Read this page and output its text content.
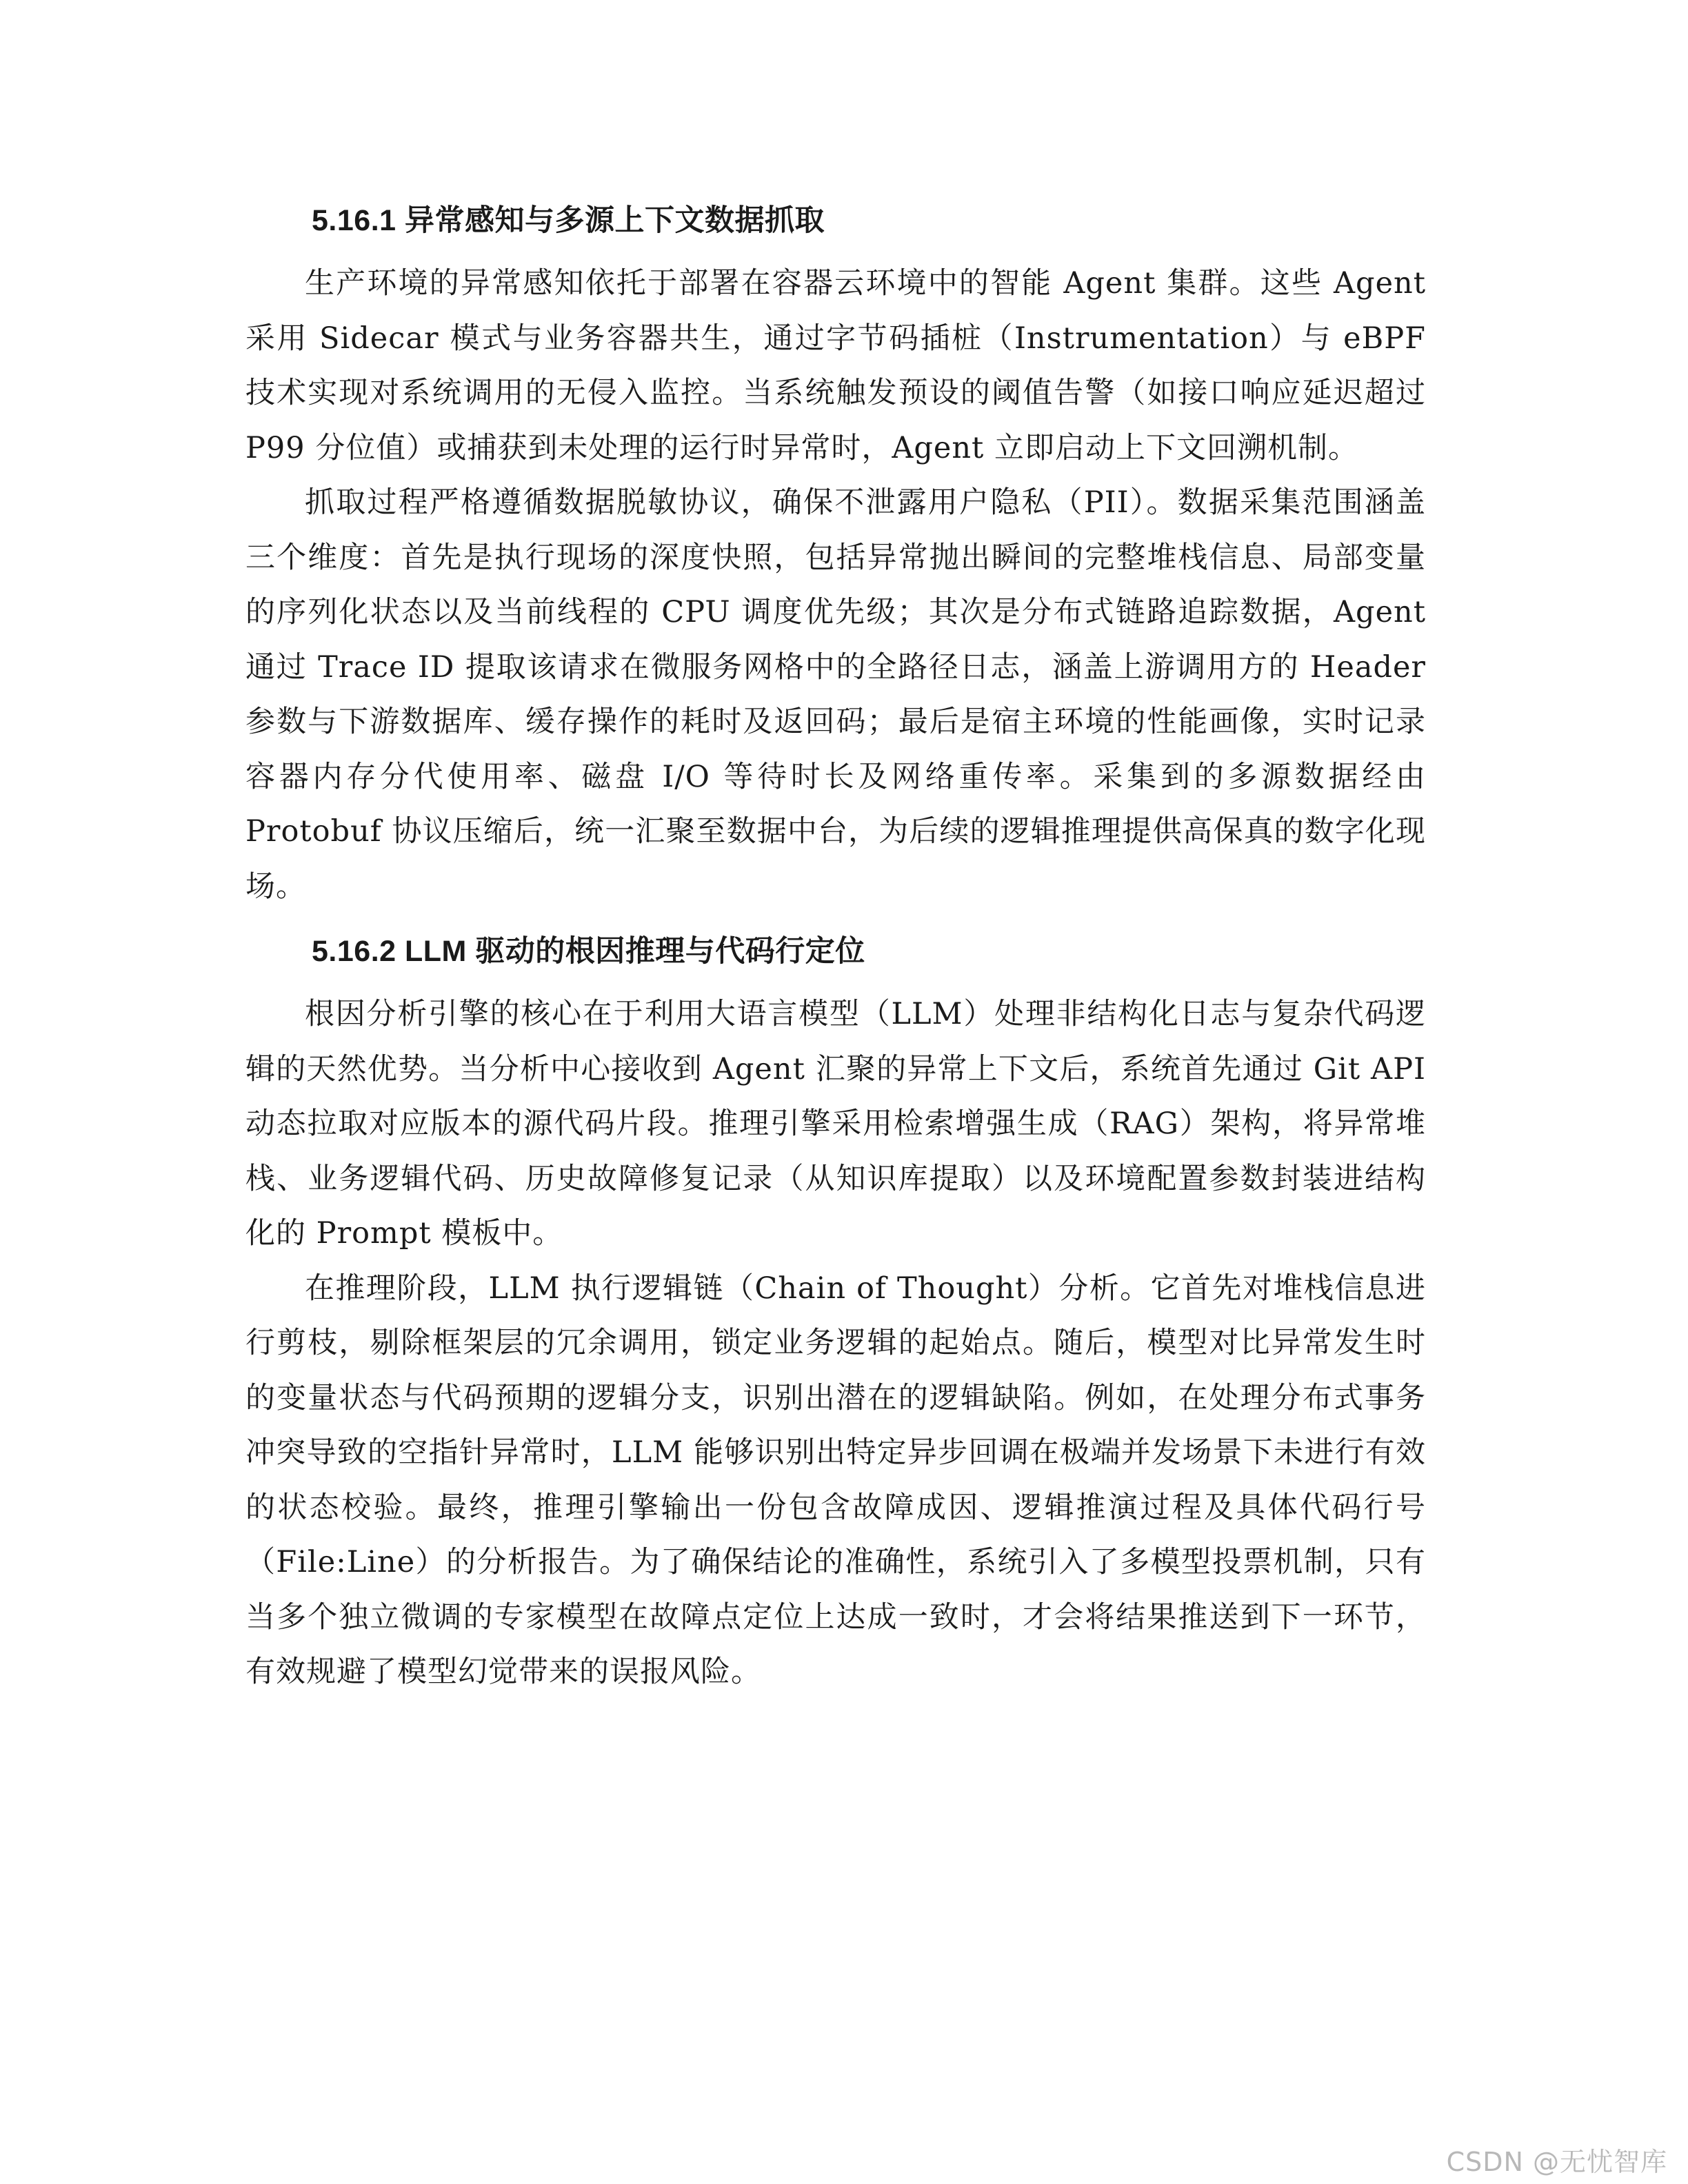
5.16.1 异常感知与多源上下文数据抓取

生产环境的异常感知依托于部署在容器云环境中的智能 Agent 集群。这些 Agent 采用 Sidecar 模式与业务容器共生，通过字节码插桩（Instrumentation）与 eBPF 技术实现对系统调用的无侵入监控。当系统触发预设的阈值告警（如接口响应延迟超过 P99 分位值）或捕获到未处理的运行时异常时，Agent 立即启动上下文回溯机制。

抓取过程严格遵循数据脱敏协议，确保不泄露用户隐私（PII）。数据采集范围涵盖三个维度：首先是执行现场的深度快照，包括异常抛出瞬间的完整堆栈信息、局部变量的序列化状态以及当前线程的 CPU 调度优先级；其次是分布式链路追踪数据，Agent 通过 Trace ID 提取该请求在微服务网格中的全路径日志，涵盖上游调用方的 Header 参数与下游数据库、缓存操作的耗时及返回码；最后是宿主环境的性能画像，实时记录容器内存分代使用率、磁盘 I/O 等待时长及网络重传率。采集到的多源数据经由 Protobuf 协议压缩后，统一汇聚至数据中台，为后续的逻辑推理提供高保真的数字化现场。

5.16.2 LLM 驱动的根因推理与代码行定位

根因分析引擎的核心在于利用大语言模型（LLM）处理非结构化日志与复杂代码逻辑的天然优势。当分析中心接收到 Agent 汇聚的异常上下文后，系统首先通过 Git API 动态拉取对应版本的源代码片段。推理引擎采用检索增强生成（RAG）架构，将异常堆栈、业务逻辑代码、历史故障修复记录（从知识库提取）以及环境配置参数封装进结构化的 Prompt 模板中。

在推理阶段，LLM 执行逻辑链（Chain of Thought）分析。它首先对堆栈信息进行剪枝，剔除框架层的冗余调用，锁定业务逻辑的起始点。随后，模型对比异常发生时的变量状态与代码预期的逻辑分支，识别出潜在的逻辑缺陷。例如，在处理分布式事务冲突导致的空指针异常时，LLM 能够识别出特定异步回调在极端并发场景下未进行有效的状态校验。最终，推理引擎输出一份包含故障成因、逻辑推演过程及具体代码行号（File:Line）的分析报告。为了确保结论的准确性，系统引入了多模型投票机制，只有当多个独立微调的专家模型在故障点定位上达成一致时，才会将结果推送到下一环节，有效规避了模型幻觉带来的误报风险。

CSDN @无忧智库
